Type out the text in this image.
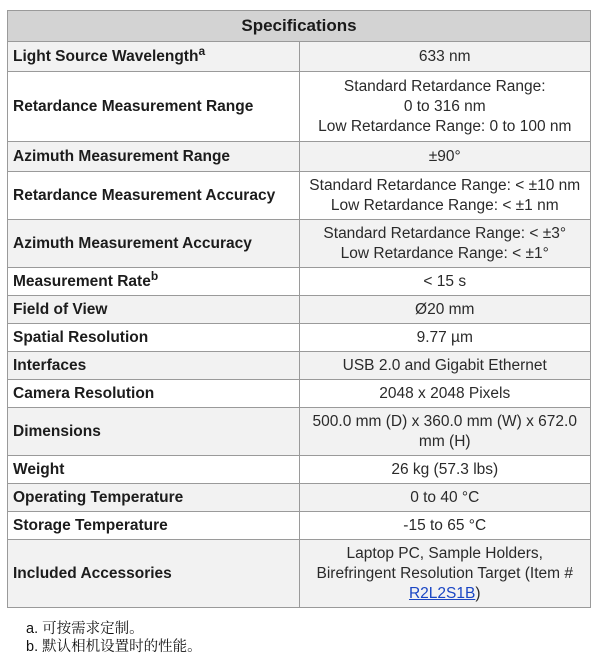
Specifications	
Light Source Wavelength$^a$	633 nm
Retardance Measurement Range	Standard Retardance Range:
0 to 316 nm
Low Retardance Range: 0 to 100 nm

Azimuth Measurement Range	±90°
Retardance Measurement Accuracy	Standard Retardance Range: < ±10 nm
Low Retardance Range: < ±1 nm

Azimuth Measurement Accuracy	Standard Retardance Range: < ±3°
Low Retardance Range: < ±1°

Measurement Rate$^b$	< 15 s
Field of View	Ø20 mm
Spatial Resolution	9.77 µm
Interfaces	USB 2.0 and Gigabit Ethernet
Camera Resolution	2048 x 2048 Pixels
Dimensions	500.0 mm (D) x 360.0 mm (W) x 672.0
mm (H)

Weight	26 kg (57.3 lbs)
Operating Temperature	0 to 40 °C
Storage Temperature	-15 to 65 °C
Included Accessories	Laptop PC, Sample Holders,
Birefringent Resolution Target (Item #
R2L2S1B)
a. 可按需求定制。
b. 默认相机设置时的性能。
